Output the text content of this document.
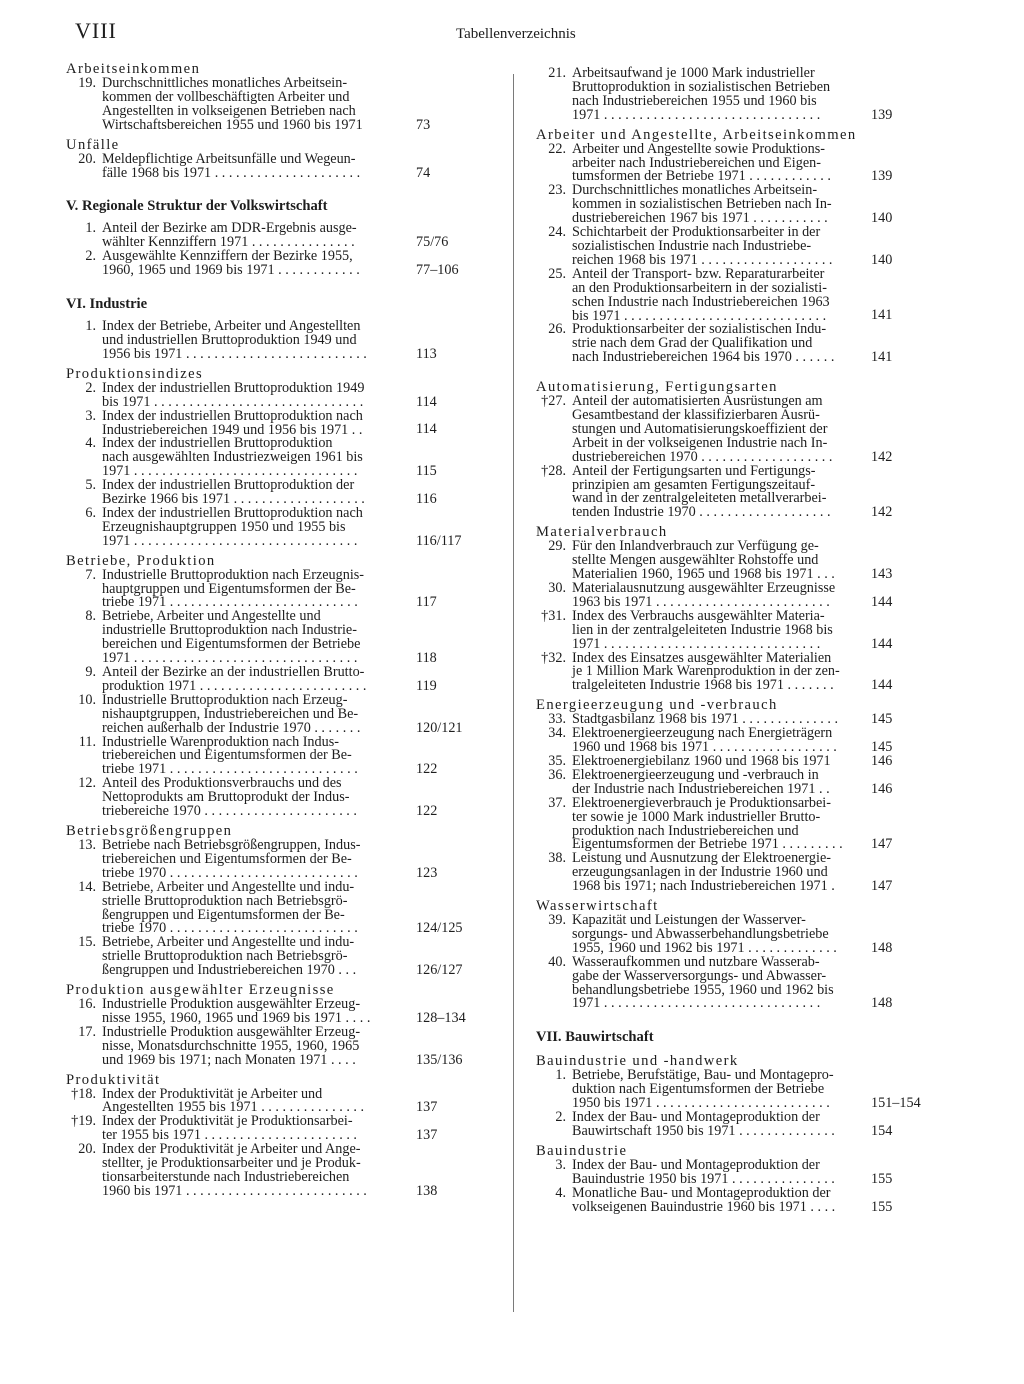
VIII	Tabellenverzeichnis
Arbeitseinkommen
19. Durchschnittliches monatliches Arbeitsein-
kommen der vollbeschäftigten Arbeiter und
Angestellten in volkseigenen Betrieben nach
Wirtschaftsbereichen 1955 und 1960 bis 1971	73
Unfälle
20. Meldepflichtige Arbeitsunfälle und Wegeun-
fälle 1968 bis 1971 . . . . . . . . . . . . . . . . . . . . .	74
V. Regionale Struktur der Volkswirtschaft
1. Anteil der Bezirke am DDR-Ergebnis ausge-
wählter Kennziffern 1971 . . . . . . . . . . . . . . .	75/76
2. Ausgewählte Kennziffern der Bezirke 1955,
1960, 1965 und 1969 bis 1971 . . . . . . . . . . . .	77–106
VI. Industrie
1. Index der Betriebe, Arbeiter und Angestellten
und industriellen Bruttoproduktion 1949 und
1956 bis 1971 . . . . . . . . . . . . . . . . . . . . . . . . . .	113
Produktionsindizes
2. Index der industriellen Bruttoproduktion 1949
bis 1971 . . . . . . . . . . . . . . . . . . . . . . . . . . . . . .	114
3. Index der industriellen Bruttoproduktion nach
Industriebereichen 1949 und 1956 bis 1971 . .	114
4. Index der industriellen Bruttoproduktion
nach ausgewählten Industriezweigen 1961 bis
1971 . . . . . . . . . . . . . . . . . . . . . . . . . . . . . . . .	115
5. Index der industriellen Bruttoproduktion der
Bezirke 1966 bis 1971 . . . . . . . . . . . . . . . . . . .	116
6. Index der industriellen Bruttoproduktion nach
Erzeugnishauptgruppen 1950 und 1955 bis
1971 . . . . . . . . . . . . . . . . . . . . . . . . . . . . . . . .	116/117
Betriebe, Produktion
7. Industrielle Bruttoproduktion nach Erzeugnis-
hauptgruppen und Eigentumsformen der Be-
triebe 1971 . . . . . . . . . . . . . . . . . . . . . . . . . . .	117
8. Betriebe, Arbeiter und Angestellte und
industrielle Bruttoproduktion nach Industrie-
bereichen und Eigentumsformen der Betriebe
1971 . . . . . . . . . . . . . . . . . . . . . . . . . . . . . . . .	118
9. Anteil der Bezirke an der industriellen Brutto-
produktion 1971 . . . . . . . . . . . . . . . . . . . . . . . .	119
10. Industrielle Bruttoproduktion nach Erzeug-
nishauptgruppen, Industriebereichen und Be-
reichen außerhalb der Industrie 1970 . . . . . . .	120/121
11. Industrielle Warenproduktion nach Indus-
triebereichen und Eigentumsformen der Be-
triebe 1971 . . . . . . . . . . . . . . . . . . . . . . . . . . .	122
12. Anteil des Produktionsverbrauchs und des
Nettoprodukts am Bruttoprodukt der Indus-
triebereiche 1970 . . . . . . . . . . . . . . . . . . . . . .	122
Betriebsgrößengruppen
13. Betriebe nach Betriebsgrößengruppen, Indus-
triebereichen und Eigentumsformen der Be-
triebe 1970 . . . . . . . . . . . . . . . . . . . . . . . . . . .	123
14. Betriebe, Arbeiter und Angestellte und indu-
strielle Bruttoproduktion nach Betriebsgrö-
ßengruppen und Eigentumsformen der Be-
triebe 1970 . . . . . . . . . . . . . . . . . . . . . . . . . . .	124/125
15. Betriebe, Arbeiter und Angestellte und indu-
strielle Bruttoproduktion nach Betriebsgrö-
ßengruppen und Industriebereichen 1970 . . .	126/127
Produktion ausgewählter Erzeugnisse
16. Industrielle Produktion ausgewählter Erzeug-
nisse 1955, 1960, 1965 und 1969 bis 1971 . . . .	128–134
17. Industrielle Produktion ausgewählter Erzeug-
nisse, Monatsdurchschnitte 1955, 1960, 1965
und 1969 bis 1971; nach Monaten 1971 . . . .	135/136
Produktivität
†18. Index der Produktivität je Arbeiter und
Angestellten 1955 bis 1971 . . . . . . . . . . . . . . .	137
†19. Index der Produktivität je Produktionsarbei-
ter 1955 bis 1971 . . . . . . . . . . . . . . . . . . . . . .	137
20. Index der Produktivität je Arbeiter und Ange-
stellter, je Produktionsarbeiter und je Produk-
tionsarbeiterstunde nach Industriebereichen
1960 bis 1971 . . . . . . . . . . . . . . . . . . . . . . . . . .	138
21. Arbeitsaufwand je 1000 Mark industrieller
Bruttoproduktion in sozialistischen Betrieben
nach Industriebereichen 1955 und 1960 bis
1971 . . . . . . . . . . . . . . . . . . . . . . . . . . . . . . .	139
Arbeiter und Angestellte, Arbeitseinkommen
22. Arbeiter und Angestellte sowie Produktions-
arbeiter nach Industriebereichen und Eigen-
tumsformen der Betriebe 1971 . . . . . . . . . . . .	139
23. Durchschnittliches monatliches Arbeitsein-
kommen in sozialistischen Betrieben nach In-
dustriebereichen 1967 bis 1971 . . . . . . . . . . .	140
24. Schichtarbeit der Produktionsarbeiter in der
sozialistischen Industrie nach Industriebe-
reichen 1968 bis 1971 . . . . . . . . . . . . . . . . . . .	140
25. Anteil der Transport- bzw. Reparaturarbeiter
an den Produktionsarbeitern in der sozialisti-
schen Industrie nach Industriebereichen 1963
bis 1971 . . . . . . . . . . . . . . . . . . . . . . . . . . . . .	141
26. Produktionsarbeiter der sozialistischen Indu-
strie nach dem Grad der Qualifikation und
nach Industriebereichen 1964 bis 1970 . . . . . .	141
Automatisierung, Fertigungsarten
†27. Anteil der automatisierten Ausrüstungen am
Gesamtbestand der klassifizierbaren Ausrü-
stungen und Automatisierungskoeffizient der
Arbeit in der volkseigenen Industrie nach In-
dustriebereichen 1970 . . . . . . . . . . . . . . . . . . .	142
†28. Anteil der Fertigungsarten und Fertigungs-
prinzipien am gesamten Fertigungszeitauf-
wand in der zentralgeleiteten metallverarbei-
tenden Industrie 1970 . . . . . . . . . . . . . . . . . . .	142
Materialverbrauch
29. Für den Inlandverbrauch zur Verfügung ge-
stellte Mengen ausgewählter Rohstoffe und
Materialien 1960, 1965 und 1968 bis 1971 . . .	143
30. Materialausnutzung ausgewählter Erzeugnisse
1963 bis 1971 . . . . . . . . . . . . . . . . . . . . . . . . .	144
†31. Index des Verbrauchs ausgewählter Materia-
lien in der zentralgeleiteten Industrie 1968 bis
1971 . . . . . . . . . . . . . . . . . . . . . . . . . . . . . . .	144
†32. Index des Einsatzes ausgewählter Materialien
je 1 Million Mark Warenproduktion in der zen-
tralgeleiteten Industrie 1968 bis 1971 . . . . . . .	144
Energieerzeugung und -verbrauch
33. Stadtgasbilanz 1968 bis 1971 . . . . . . . . . . . . . .	145
34. Elektroenergieerzeugung nach Energieträgern
1960 und 1968 bis 1971 . . . . . . . . . . . . . . . . . .	145
35. Elektroenergiebilanz 1960 und 1968 bis 1971	146
36. Elektroenergieerzeugung und -verbrauch in
der Industrie nach Industriebereichen 1971 . .	146
37. Elektroenergieverbrauch je Produktionsarbei-
ter sowie je 1000 Mark industrieller Brutto-
produktion nach Industriebereichen und
Eigentumsformen der Betriebe 1971 . . . . . . . . .	147
38. Leistung und Ausnutzung der Elektroenergie-
erzeugungsanlagen in der Industrie 1960 und
1968 bis 1971; nach Industriebereichen 1971 .	147
Wasserwirtschaft
39. Kapazität und Leistungen der Wasserver-
sorgungs- und Abwasserbehandlungsbetriebe
1955, 1960 und 1962 bis 1971 . . . . . . . . . . . . .	148
40. Wasseraufkommen und nutzbare Wasserab-
gabe der Wasserversorgungs- und Abwasser-
behandlungsbetriebe 1955, 1960 und 1962 bis
1971 . . . . . . . . . . . . . . . . . . . . . . . . . . . . . . .	148
VII. Bauwirtschaft
Bauindustrie und -handwerk
1. Betriebe, Berufstätige, Bau- und Montagepro-
duktion nach Eigentumsformen der Betriebe
1950 bis 1971 . . . . . . . . . . . . . . . . . . . . . . . . .	151–154
2. Index der Bau- und Montageproduktion der
Bauwirtschaft 1950 bis 1971 . . . . . . . . . . . . . .	154
Bauindustrie
3. Index der Bau- und Montageproduktion der
Bauindustrie 1950 bis 1971 . . . . . . . . . . . . . . .	155
4. Monatliche Bau- und Montageproduktion der
volkseigenen Bauindustrie 1960 bis 1971 . . . .	155
